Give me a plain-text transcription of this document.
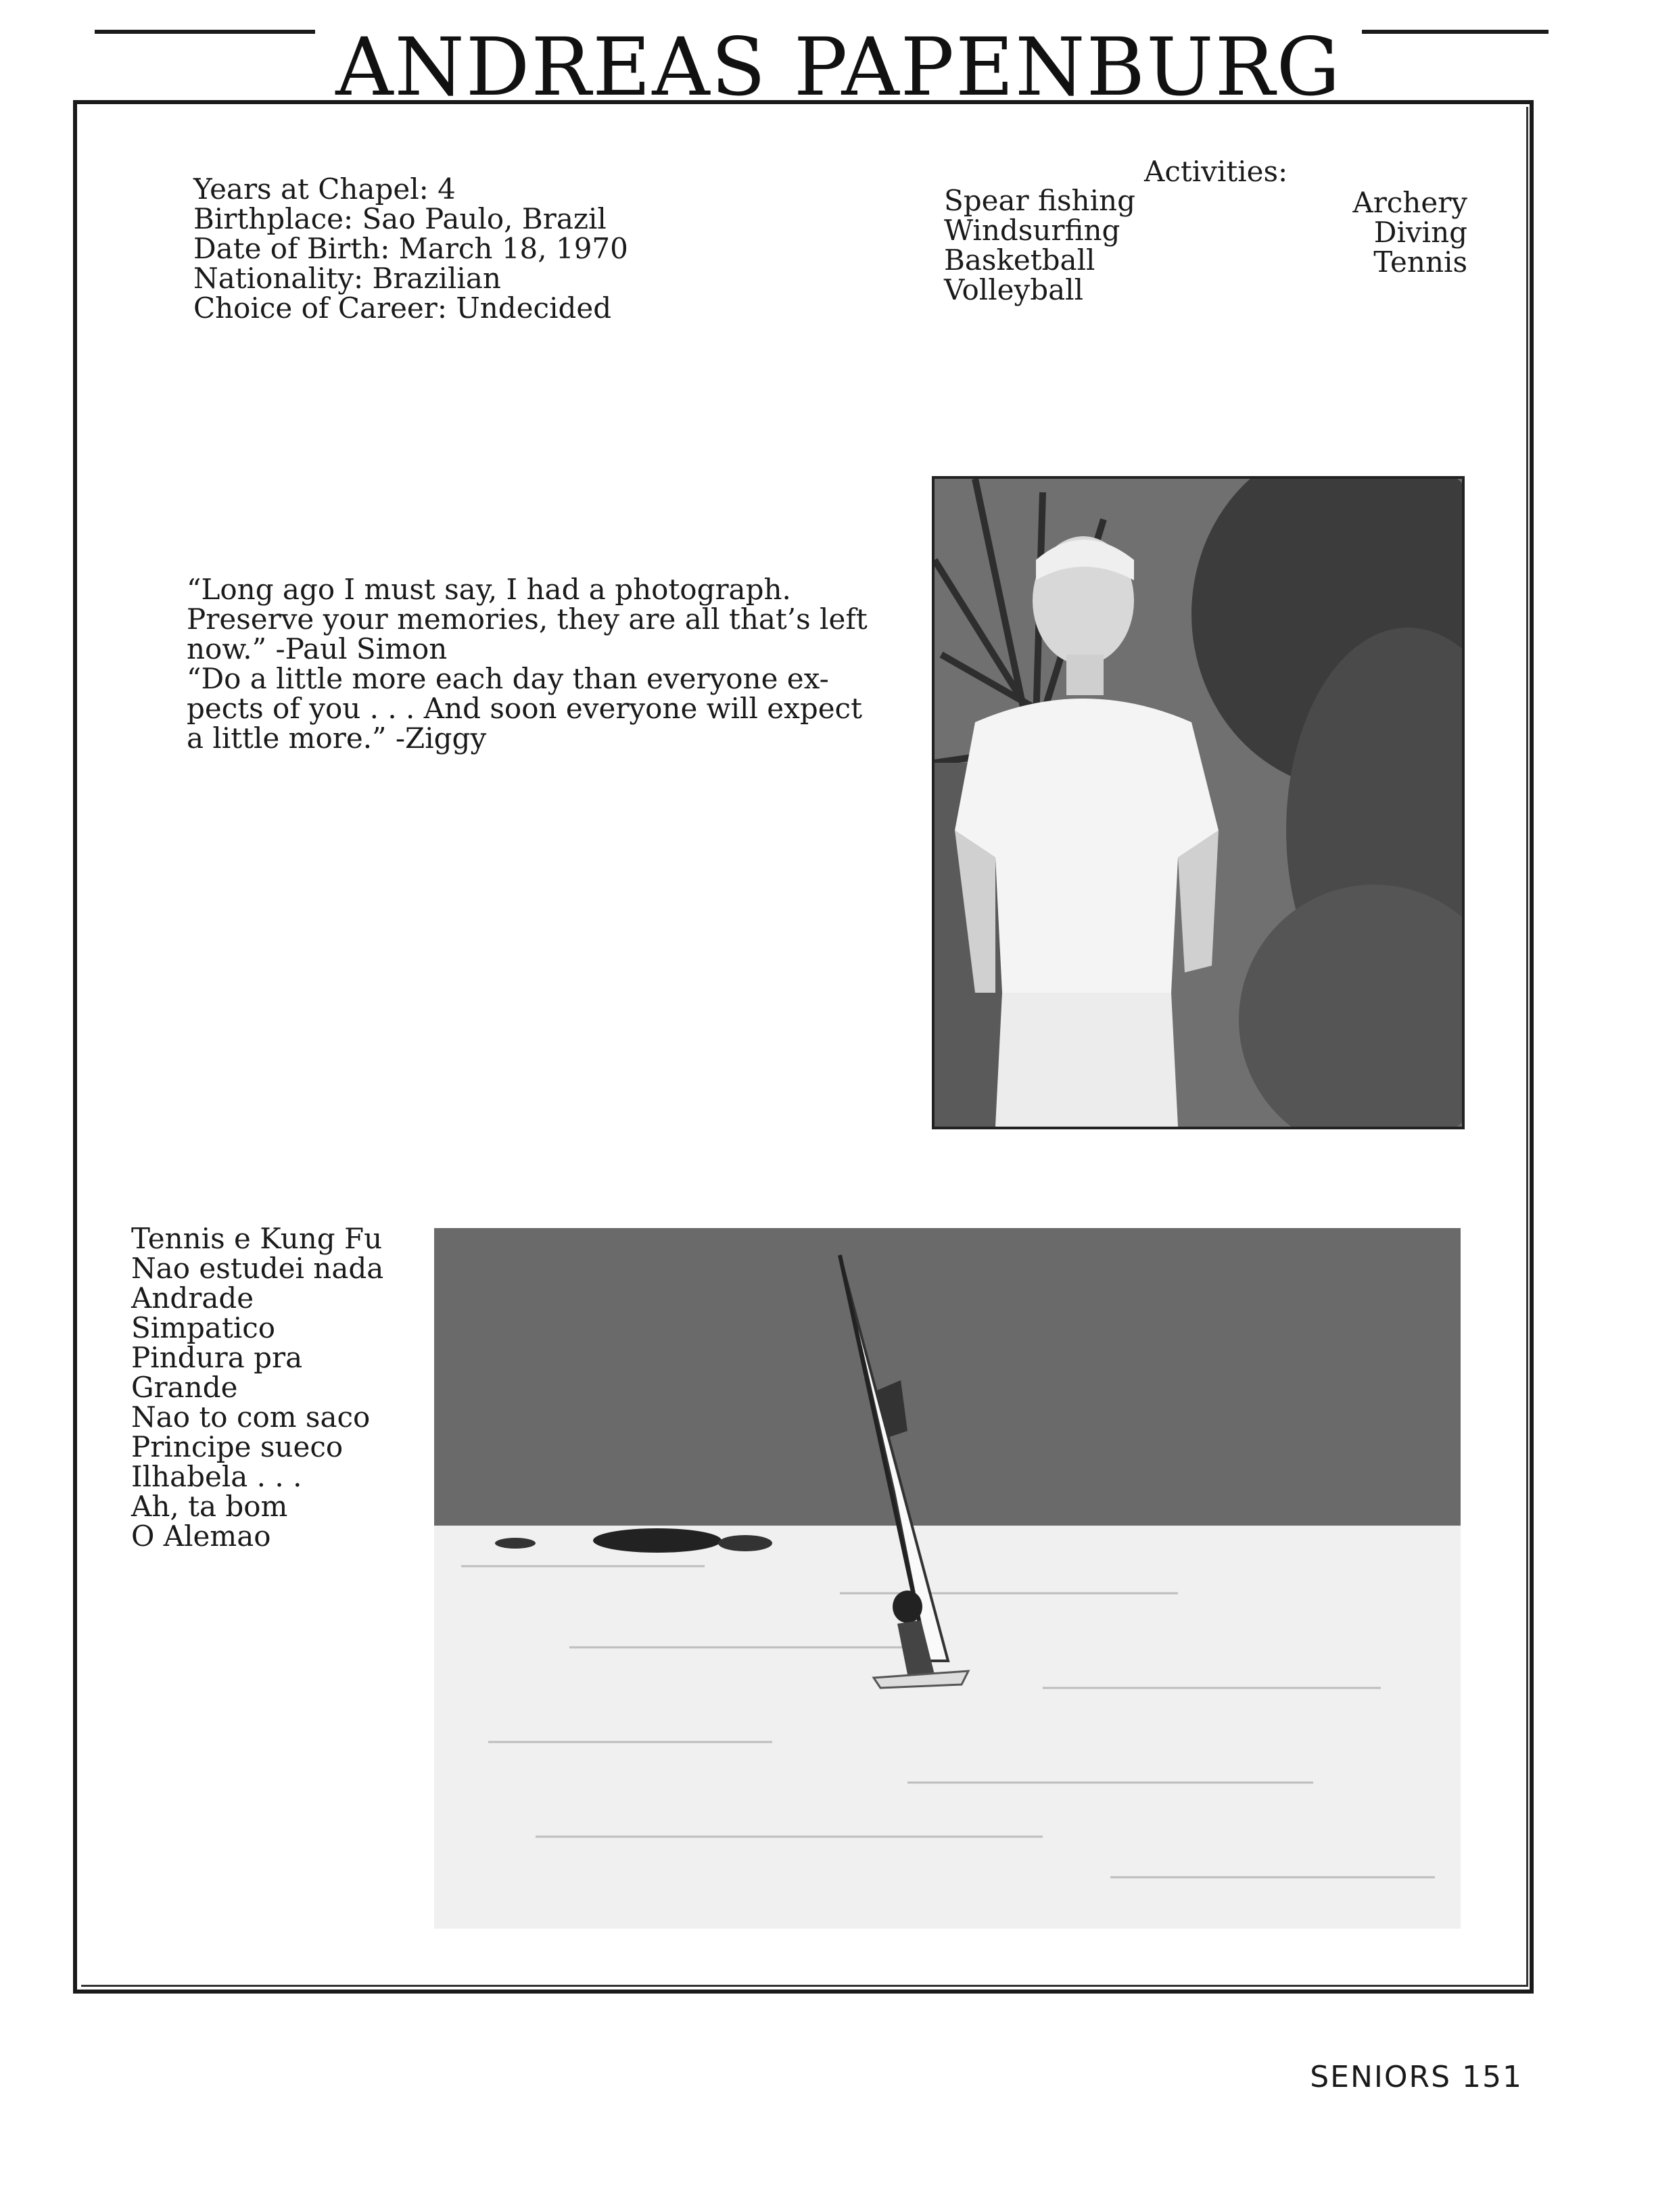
ANDREAS PAPENBURG
Years at Chapel: 4
Birthplace: Sao Paulo, Brazil
Date of Birth: March 18, 1970
Nationality: Brazilian
Choice of Career: Undecided
Activities:
Spear fishing
Windsurfing
Basketball
Volleyball
Archery
Diving
Tennis
“Long ago I must say, I had a photograph.
Preserve your memories, they are all that’s left
now.” -Paul Simon
“Do a little more each day than everyone ex-
pects of you . . . And soon everyone will expect
a little more.” -Ziggy
Tennis e Kung Fu
Nao estudei nada
Andrade
Simpatico
Pindura pra
Grande
Nao to com saco
Principe sueco
Ilhabela . . .
Ah, ta bom
O Alemao
SENIORS 151
